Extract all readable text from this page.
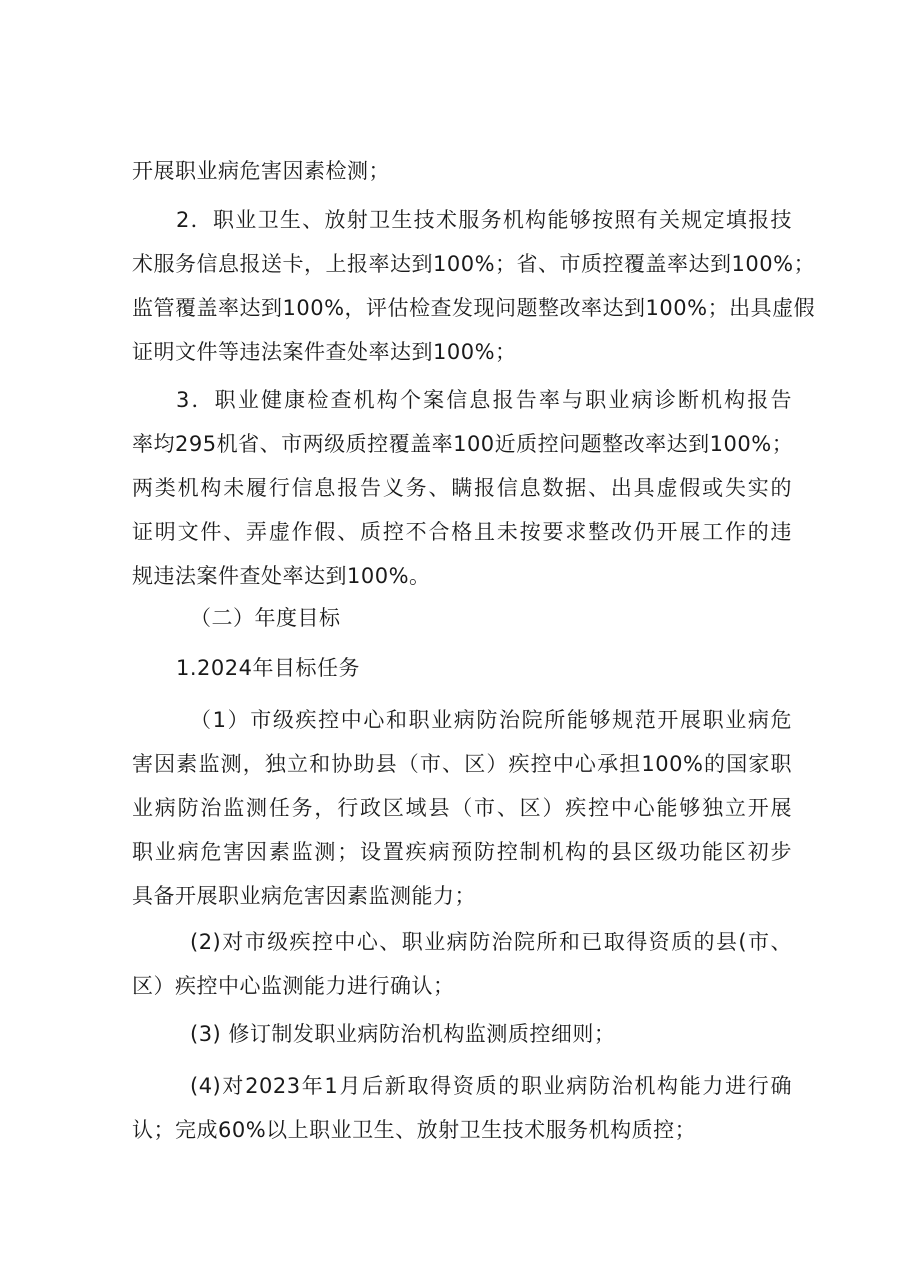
开展职业病危害因素检测；
2．职业卫生、放射卫生技术服务机构能够按照有关规定填报技
术服务信息报送卡，上报率达到100%；省、市质控覆盖率达到100%；
监管覆盖率达到100%，评估检查发现问题整改率达到100%；出具虚假
证明文件等违法案件查处率达到100%；
3．职业健康检查机构个案信息报告率与职业病诊断机构报告
率均295机省、市两级质控覆盖率100近质控问题整改率达到100%；
两类机构未履行信息报告义务、瞒报信息数据、出具虚假或失实的
证明文件、弄虚作假、质控不合格且未按要求整改仍开展工作的违
规违法案件查处率达到100%。
（二）年度目标
1.2024年目标任务
（1）市级疾控中心和职业病防治院所能够规范开展职业病危
害因素监测，独立和协助县（市、区）疾控中心承担100%的国家职
业病防治监测任务，行政区域县（市、区）疾控中心能够独立开展
职业病危害因素监测；设置疾病预防控制机构的县区级功能区初步
具备开展职业病危害因素监测能力；
(2)对市级疾控中心、职业病防治院所和已取得资质的县(市、
区）疾控中心监测能力进行确认；
(3) 修订制发职业病防治机构监测质控细则；
(4)对2023年1月后新取得资质的职业病防治机构能力进行确
认；完成60%以上职业卫生、放射卫生技术服务机构质控；
